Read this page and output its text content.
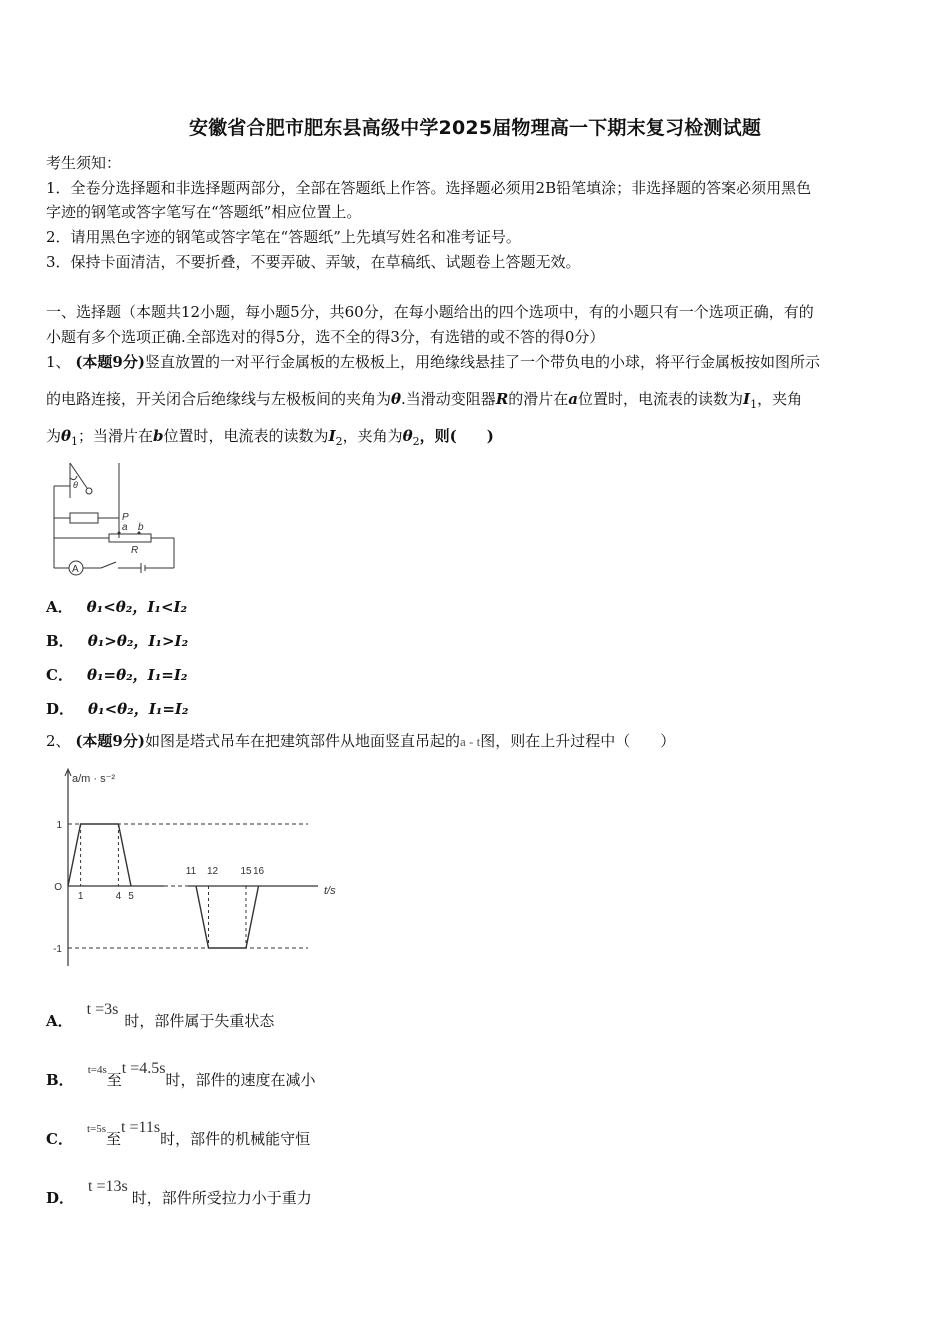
安徽省合肥市肥东县高级中学2025届物理高一下期末复习检测试题
考生须知：
1．全卷分选择题和非选择题两部分，全部在答题纸上作答。选择题必须用2B铅笔填涂；非选择题的答案必须用黑色
字迹的钢笔或答字笔写在“答题纸”相应位置上。
2．请用黑色字迹的钢笔或答字笔在“答题纸”上先填写姓名和准考证号。
3．保持卡面清洁，不要折叠，不要弄破、弄皱，在草稿纸、试题卷上答题无效。
一、选择题（本题共12小题，每小题5分，共60分，在每小题给出的四个选项中，有的小题只有一个选项正确，有的
小题有多个选项正确.全部选对的得5分，选不全的得3分，有选错的或不答的得0分）
1、 (本题9分)竖直放置的一对平行金属板的左极板上，用绝缘线悬挂了一个带负电的小球，将平行金属板按如图所示
的电路连接，开关闭合后绝缘线与左极板间的夹角为θ.当滑动变阻器R的滑片在a位置时，电流表的读数为$I_1$，夹角
为$\theta_1$；当滑片在b位置时，电流表的读数为$I_2$，夹角为$\theta_2$，则(　　)
θ
P
a b
R
A
A． θ₁<θ₂，I₁<I₂
B． θ₁>θ₂，I₁>I₂
C． θ₁=θ₂，I₁=I₂
D． θ₁<θ₂，I₁=I₂
2、 (本题9分)如图是塔式吊车在把建筑部件从地面竖直吊起的a - t图，则在上升过程中（　　）
1	4 5
11 12 15 16
1
O
-1
a/m · s⁻²
t/s
A．t =3s时，部件属于失重状态
B．$^{t=4s}$至t =4.5s时，部件的速度在减小
C．$^{t=5s}$至t =11s时，部件的机械能守恒
D．t =13s时，部件所受拉力小于重力
